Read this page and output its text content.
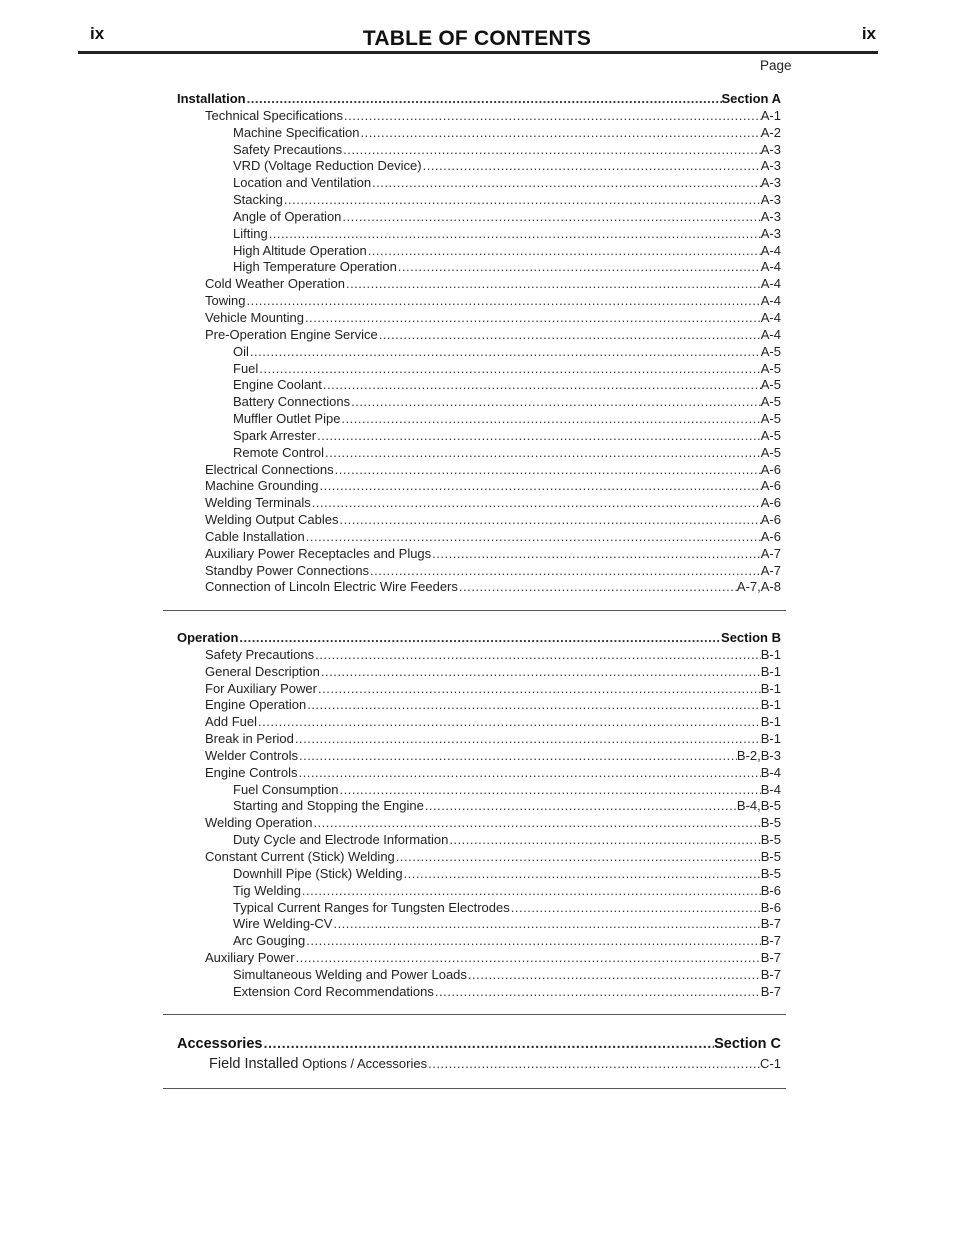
ix	TABLE OF CONTENTS	ix
Page
Installation .....	Section A
Technical Specifications .....	A-1
Machine Specification .....	A-2
Safety Precautions .....	A-3
VRD (Voltage Reduction Device) .....	A-3
Location and Ventilation .....	A-3
Stacking .....	A-3
Angle of Operation .....	A-3
Lifting .....	A-3
High Altitude Operation .....	A-4
High Temperature Operation .....	A-4
Cold Weather Operation .....	A-4
Towing .....	A-4
Vehicle Mounting .....	A-4
Pre-Operation Engine Service .....	A-4
Oil .....	A-5
Fuel .....	A-5
Engine Coolant .....	A-5
Battery Connections .....	A-5
Muffler Outlet Pipe .....	A-5
Spark Arrester .....	A-5
Remote Control .....	A-5
Electrical Connections .....	A-6
Machine Grounding .....	A-6
Welding Terminals .....	A-6
Welding Output Cables .....	A-6
Cable Installation .....	A-6
Auxiliary Power Receptacles and Plugs .....	A-7
Standby Power Connections .....	A-7
Connection of Lincoln Electric Wire Feeders .....	A-7,A-8
Operation .....	Section B
Safety Precautions .....	B-1
General Description .....	B-1
For Auxiliary Power .....	B-1
Engine Operation .....	B-1
Add Fuel .....	B-1
Break in Period .....	B-1
Welder Controls .....	B-2,B-3
Engine Controls .....	B-4
Fuel Consumption .....	B-4
Starting and Stopping the Engine .....	B-4,B-5
Welding Operation .....	B-5
Duty Cycle and Electrode Information .....	B-5
Constant Current (Stick) Welding .....	B-5
Downhill Pipe (Stick) Welding .....	B-5
Tig Welding .....	B-6
Typical Current Ranges for Tungsten Electrodes .....	B-6
Wire Welding-CV .....	B-7
Arc Gouging .....	B-7
Auxiliary Power .....	B-7
Simultaneous Welding and Power Loads .....	B-7
Extension Cord Recommendations .....	B-7
Accessories .....	Section C
Field Installed Options / Accessories .....	C-1
